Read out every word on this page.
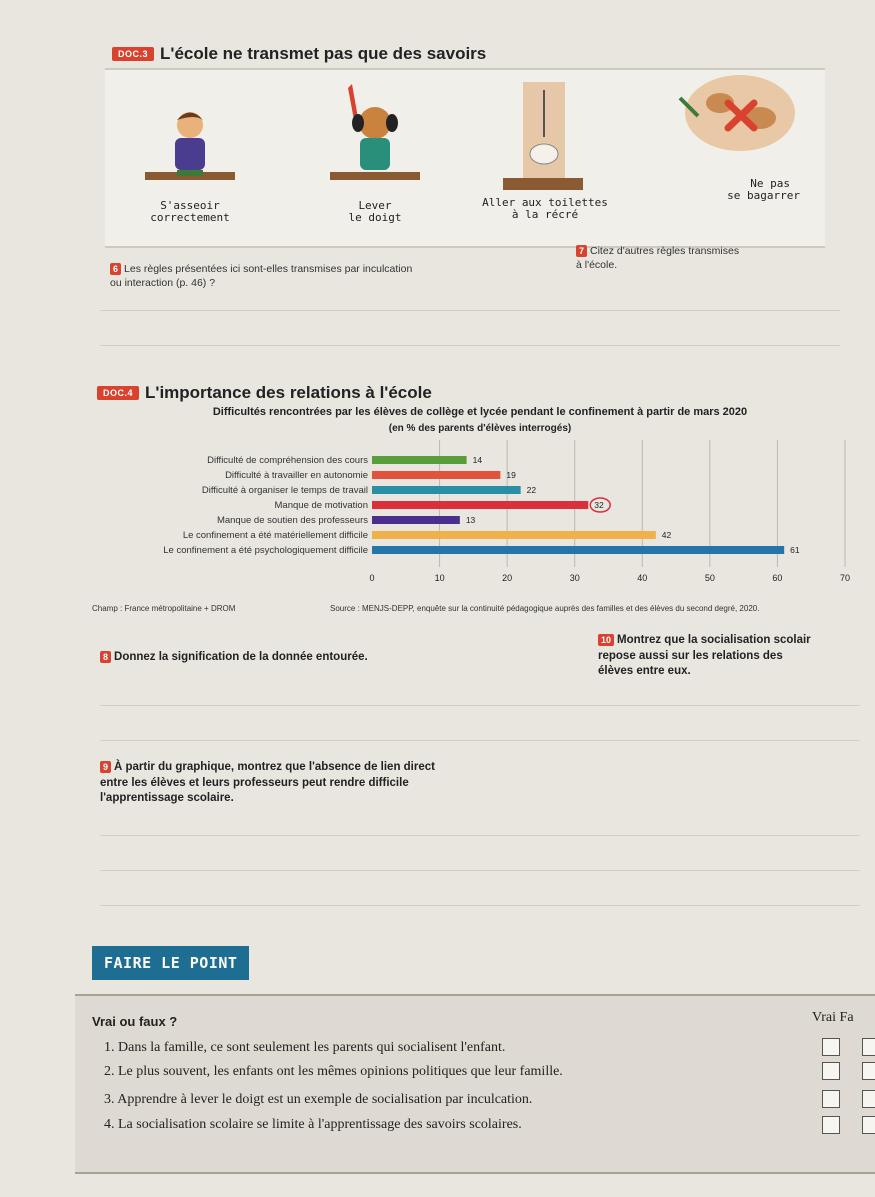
DOC.3 L'école ne transmet pas que des savoirs
S'asseoir
correctement
Lever
le doigt
Aller aux toilettes
à la récré
Ne pas
se bagarrer
6 Les règles présentées ici sont-elles transmises par inculcation
ou interaction (p. 46) ?
7 Citez d'autres règles transmises
à l'école.
DOC.4 L'importance des relations à l'école
Difficultés rencontrées par les élèves de collège et lycée pendant le confinement à partir de mars 2020
(en % des parents d'élèves interrogés)
Difficulté de compréhension des cours	14
Difficulté à travailler en autonomie	19
Difficulté à organiser le temps de travail	22
Manque de motivation	32
Manque de soutien des professeurs	13
Le confinement a été matériellement difficile	42
Le confinement a été psychologiquement difficile	61
0	10	20	30	40	50	60	70
Champ : France métropolitaine + DROM	Source : MENJS-DEPP, enquête sur la continuité pédagogique auprès des familles et des élèves du second degré, 2020.
8 Donnez la signification de la donnée entourée.
10 Montrez que la socialisation scolair
repose aussi sur les relations des
élèves entre eux.
9 À partir du graphique, montrez que l'absence de lien direct
entre les élèves et leurs professeurs peut rendre difficile
l'apprentissage scolaire.
FAIRE LE POINT
Vrai ou faux ?	Vrai Fa
1. Dans la famille, ce sont seulement les parents qui socialisent l'enfant.
2. Le plus souvent, les enfants ont les mêmes opinions politiques que leur famille.
3. Apprendre à lever le doigt est un exemple de socialisation par inculcation.
4. La socialisation scolaire se limite à l'apprentissage des savoirs scolaires.
